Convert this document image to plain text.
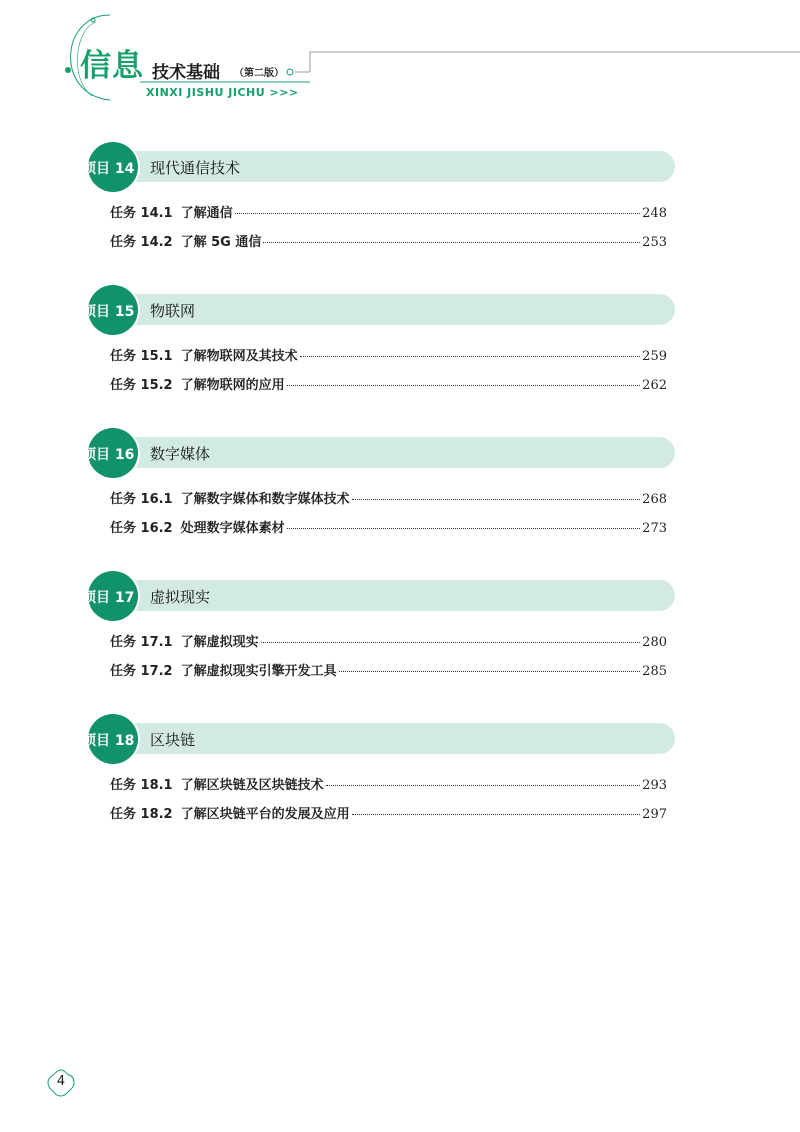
信息 技术基础 （第二版）
XINXI JISHU JICHU >>>
项目 14 现代通信技术
任务 14.1 了解通信	248
任务 14.2 了解 5G 通信	253
项目 15 物联网
任务 15.1 了解物联网及其技术	259
任务 15.2 了解物联网的应用	262
项目 16 数字媒体
任务 16.1 了解数字媒体和数字媒体技术	268
任务 16.2 处理数字媒体素材	273
项目 17 虚拟现实
任务 17.1 了解虚拟现实	280
任务 17.2 了解虚拟现实引擎开发工具	285
项目 18 区块链
任务 18.1 了解区块链及区块链技术	293
任务 18.2 了解区块链平台的发展及应用	297
4
